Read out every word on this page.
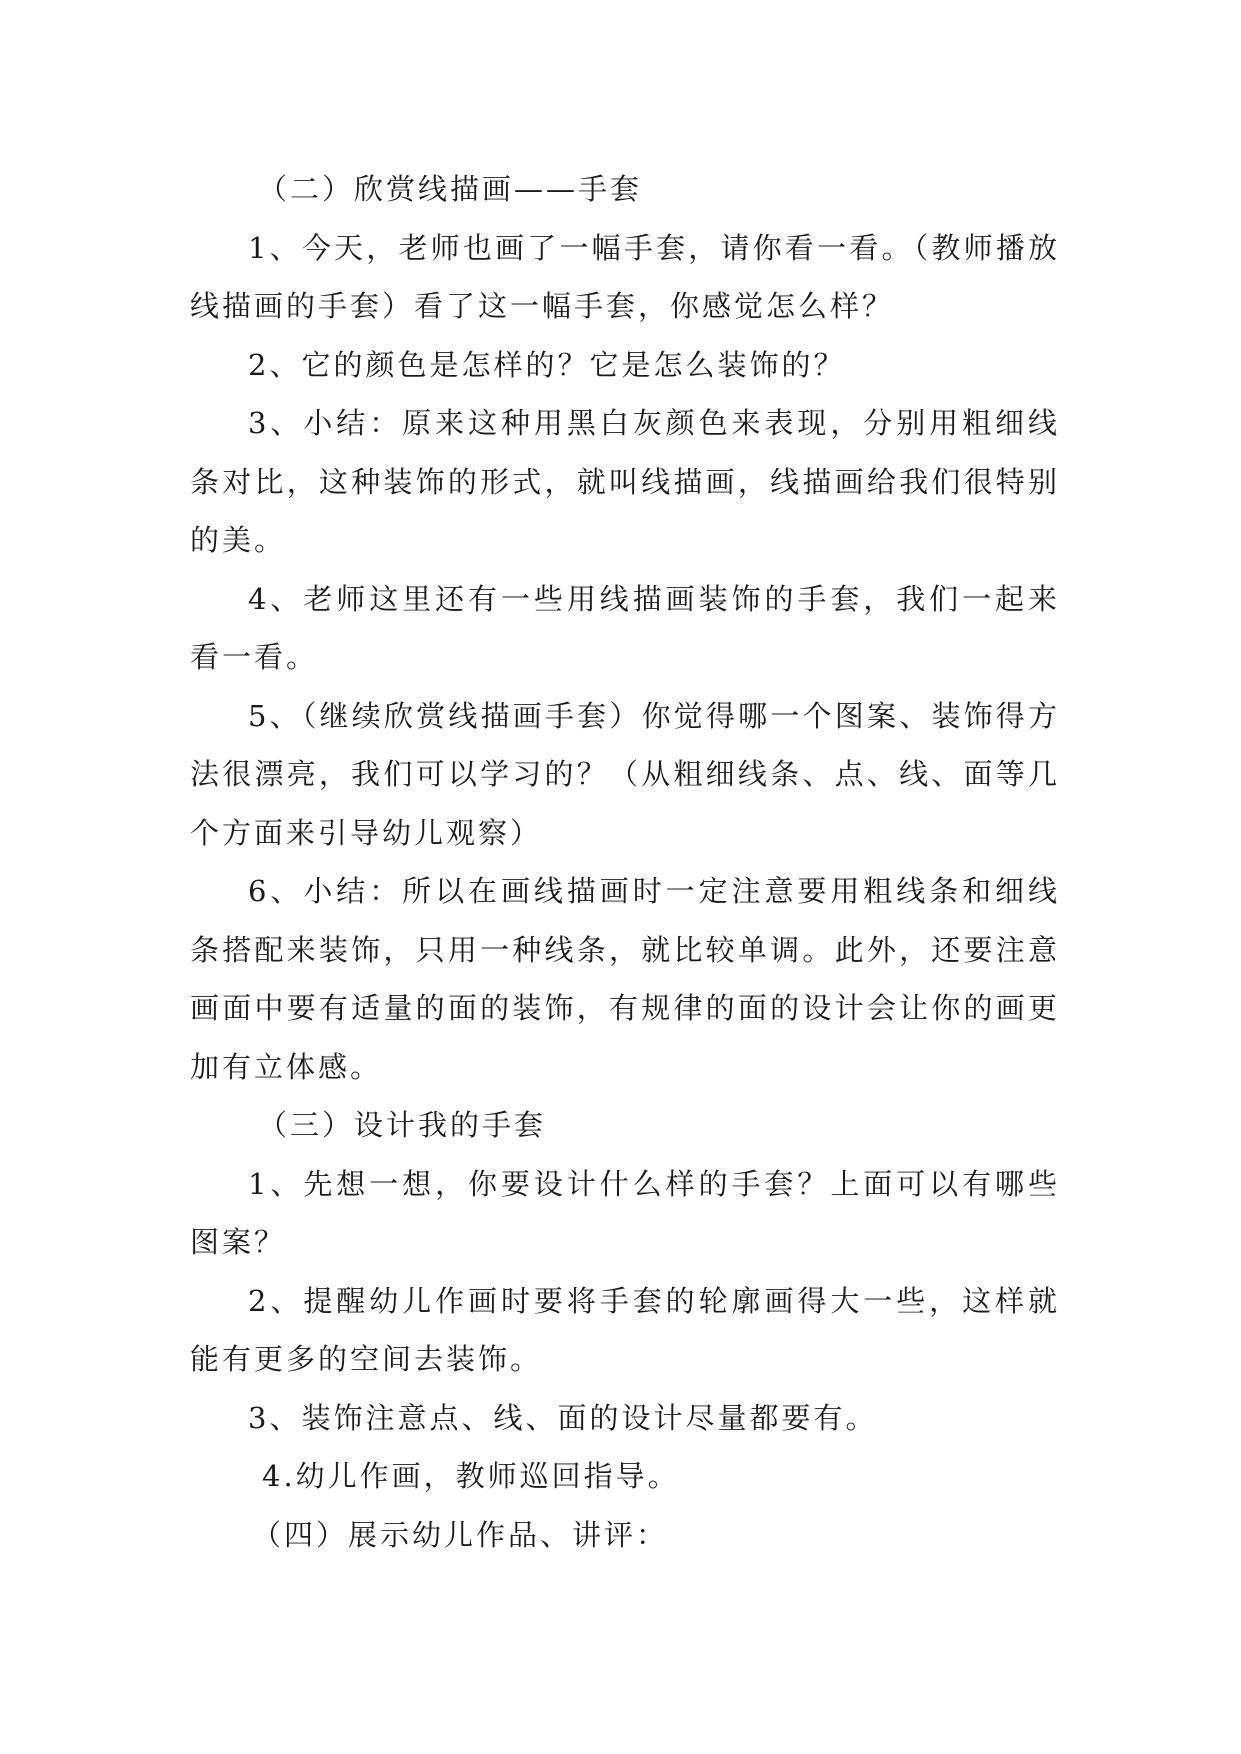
（二）欣赏线描画——手套

1、今天，老师也画了一幅手套，请你看一看。（教师播放线描画的手套）看了这一幅手套，你感觉怎么样？

2、它的颜色是怎样的？它是怎么装饰的？

3、小结：原来这种用黑白灰颜色来表现，分别用粗细线条对比，这种装饰的形式，就叫线描画，线描画给我们很特别的美。

4、老师这里还有一些用线描画装饰的手套，我们一起来看一看。

5、（继续欣赏线描画手套）你觉得哪一个图案、装饰得方法很漂亮，我们可以学习的？（从粗细线条、点、线、面等几个方面来引导幼儿观察）

6、小结：所以在画线描画时一定注意要用粗线条和细线条搭配来装饰，只用一种线条，就比较单调。此外，还要注意画面中要有适量的面的装饰，有规律的面的设计会让你的画更加有立体感。

（三）设计我的手套

1、先想一想，你要设计什么样的手套？上面可以有哪些图案？

2、提醒幼儿作画时要将手套的轮廓画得大一些，这样就能有更多的空间去装饰。

3、装饰注意点、线、面的设计尽量都要有。

4.幼儿作画，教师巡回指导。

（四）展示幼儿作品、讲评：
